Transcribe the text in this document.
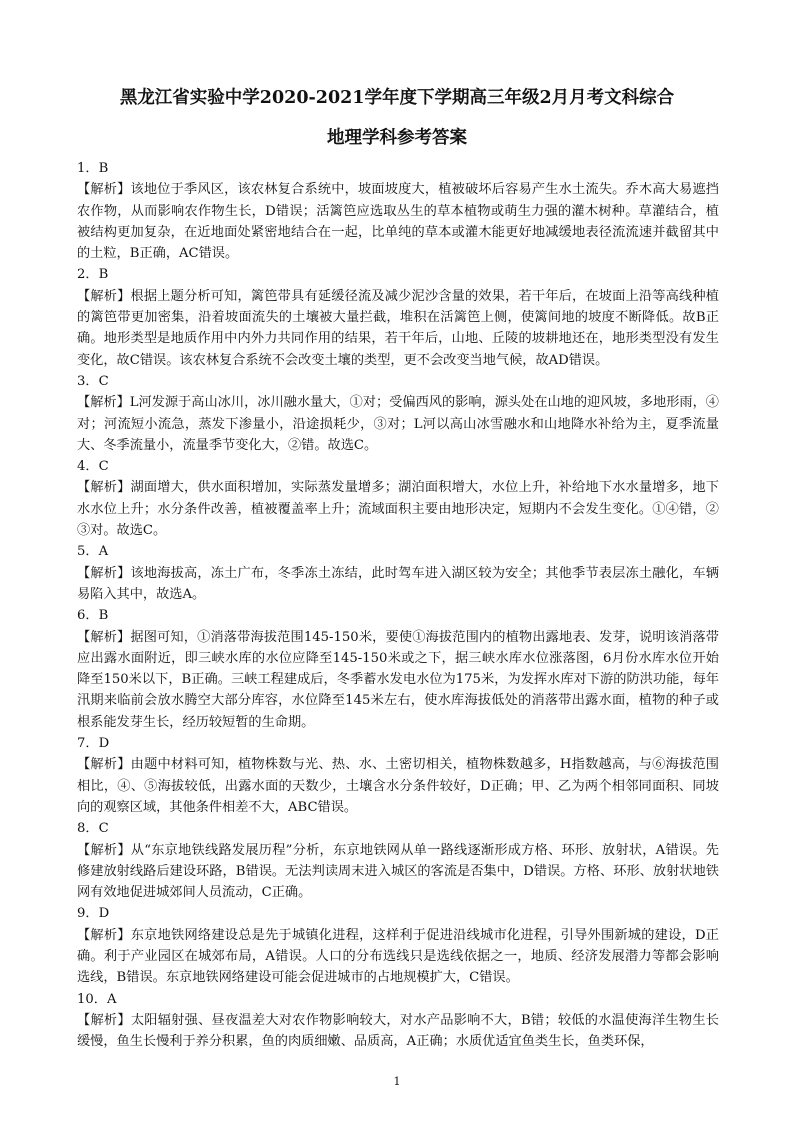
黑龙江省实验中学2020-2021学年度下学期高三年级2月月考文科综合
地理学科参考答案
1．B
【解析】该地位于季风区，该农林复合系统中，坡面坡度大，植被破坏后容易产生水土流失。乔木高大易遮挡农作物，从而影响农作物生长，D错误；活篱笆应选取丛生的草本植物或萌生力强的灌木树种。草灌结合，植被结构更加复杂，在近地面处紧密地结合在一起，比单纯的草本或灌木能更好地减缓地表径流流速并截留其中的土粒，B正确，AC错误。
2．B
【解析】根据上题分析可知，篱笆带具有延缓径流及减少泥沙含量的效果，若干年后，在坡面上沿等高线种植的篱笆带更加密集，沿着坡面流失的土壤被大量拦截，堆积在活篱笆上侧，使篱间地的坡度不断降低。故B正确。地形类型是地质作用中内外力共同作用的结果，若干年后，山地、丘陵的坡耕地还在，地形类型没有发生变化，故C错误。该农林复合系统不会改变土壤的类型，更不会改变当地气候，故AD错误。
3．C
【解析】L河发源于高山冰川，冰川融水量大，①对；受偏西风的影响，源头处在山地的迎风坡，多地形雨，④对；河流短小流急，蒸发下渗量小，沿途损耗少，③对；L河以高山冰雪融水和山地降水补给为主，夏季流量大、冬季流量小，流量季节变化大，②错。故选C。
4．C
【解析】湖面增大，供水面积增加，实际蒸发量增多；湖泊面积增大，水位上升，补给地下水水量增多，地下水水位上升；水分条件改善，植被覆盖率上升；流域面积主要由地形决定，短期内不会发生变化。①④错，②③对。故选C。
5．A
【解析】该地海拔高，冻土广布，冬季冻土冻结，此时驾车进入湖区较为安全；其他季节表层冻土融化，车辆易陷入其中，故选A。
6．B
【解析】据图可知，①消落带海拔范围145-150米，要使①海拔范围内的植物出露地表、发芽，说明该消落带应出露水面附近，即三峡水库的水位应降至145-150米或之下，据三峡水库水位涨落图，6月份水库水位开始降至150米以下，B正确。三峡工程建成后，冬季蓄水发电水位为175米，为发挥水库对下游的防洪功能，每年汛期来临前会放水腾空大部分库容，水位降至145米左右，使水库海拔低处的消落带出露水面，植物的种子或根系能发芽生长，经历较短暂的生命期。
7．D
【解析】由题中材料可知，植物株数与光、热、水、土密切相关，植物株数越多，H指数越高，与⑥海拔范围相比，④、⑤海拔较低，出露水面的天数少，土壤含水分条件较好，D正确；甲、乙为两个相邻同面积、同坡向的观察区域，其他条件相差不大，ABC错误。
8．C
【解析】从“东京地铁线路发展历程”分析，东京地铁网从单一路线逐渐形成方格、环形、放射状，A错误。先修建放射线路后建设环路，B错误。无法判读周末进入城区的客流是否集中，D错误。方格、环形、放射状地铁网有效地促进城郊间人员流动，C正确。
9．D
【解析】东京地铁网络建设总是先于城镇化进程，这样利于促进沿线城市化进程，引导外围新城的建设，D正确。利于产业园区在城郊布局，A错误。人口的分布选线只是选线依据之一，地质、经济发展潜力等都会影响选线，B错误。东京地铁网络建设可能会促进城市的占地规模扩大，C错误。
10．A
【解析】太阳辐射强、昼夜温差大对农作物影响较大，对水产品影响不大，B错；较低的水温使海洋生物生长缓慢，鱼生长慢利于养分积累，鱼的肉质细嫩、品质高，A正确；水质优适宜鱼类生长，鱼类环保，
1
